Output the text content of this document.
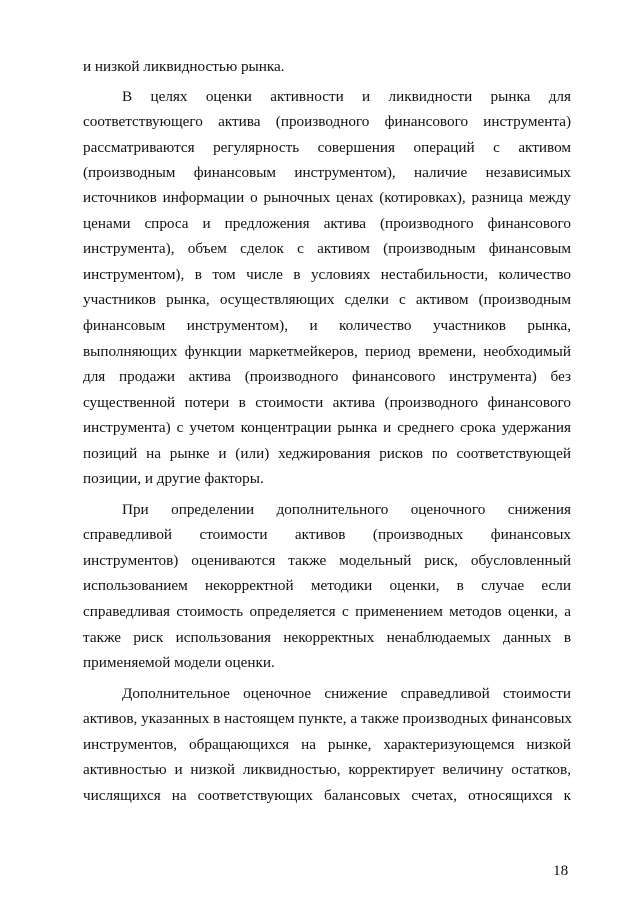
и низкой ликвидностью рынка.
В целях оценки активности и ликвидности рынка для
соответствующего актива (производного финансового инструмента)
рассматриваются регулярность совершения операций с активом
(производным финансовым инструментом), наличие независимых
источников информации о рыночных ценах (котировках), разница между
ценами спроса и предложения актива (производного финансового
инструмента), объем сделок с активом (производным финансовым
инструментом), в том числе в условиях нестабильности, количество
участников рынка, осуществляющих сделки с активом (производным
финансовым инструментом), и количество участников рынка,
выполняющих функции маркетмейкеров, период времени, необходимый
для продажи актива (производного финансового инструмента) без
существенной потери в стоимости актива (производного финансового
инструмента) с учетом концентрации рынка и среднего срока удержания
позиций на рынке и (или) хеджирования рисков по соответствующей
позиции, и другие факторы.
При определении дополнительного оценочного снижения
справедливой стоимости активов (производных финансовых
инструментов) оцениваются также модельный риск, обусловленный
использованием некорректной методики оценки, в случае если
справедливая стоимость определяется с применением методов оценки, а
также риск использования некорректных ненаблюдаемых данных в
применяемой модели оценки.
Дополнительное оценочное снижение справедливой стоимости
активов, указанных в настоящем пункте, а также производных финансовых
инструментов, обращающихся на рынке, характеризующемся низкой
активностью и низкой ликвидностью, корректирует величину остатков,
числящихся на соответствующих балансовых счетах, относящихся к
18
